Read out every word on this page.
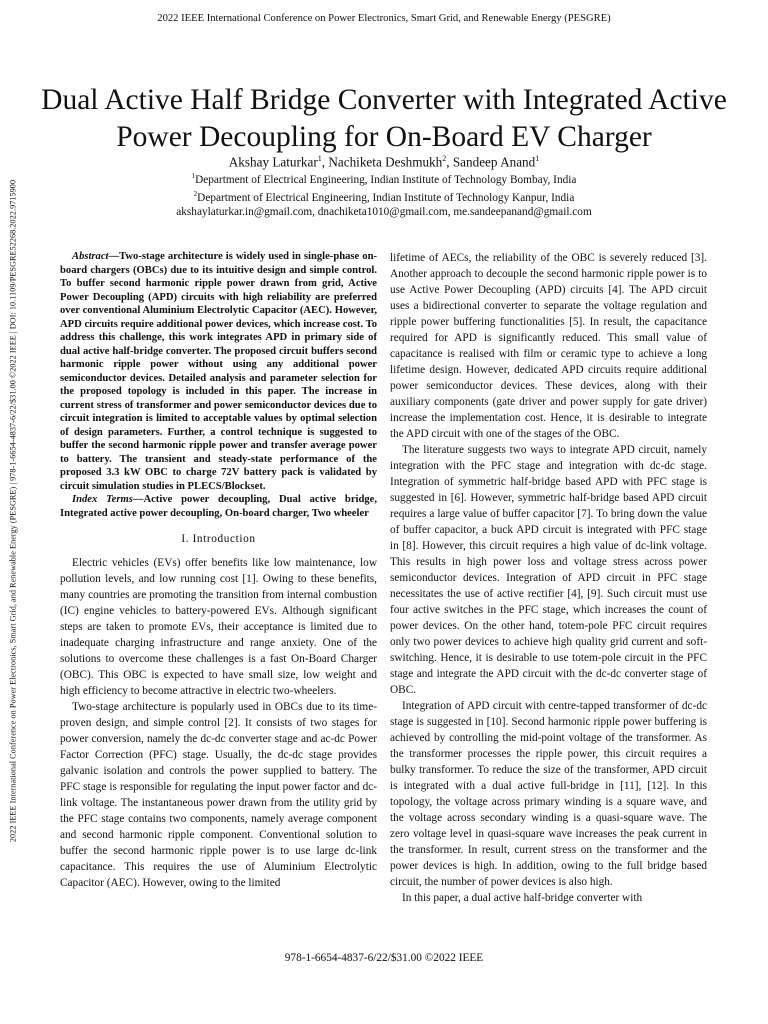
2022 IEEE International Conference on Power Electronics, Smart Grid, and Renewable Energy (PESGRE)
2022 IEEE International Conference on Power Electronics, Smart Grid, and Renewable Energy (PESGRE) | 978-1-6654-4837-6/22/$31.00 ©2022 IEEE | DOI: 10.1109/PESGRE52268.2022.9715900
Dual Active Half Bridge Converter with Integrated Active Power Decoupling for On-Board EV Charger
Akshay Laturkar$^1$, Nachiketa Deshmukh$^2$, Sandeep Anand$^1$
$^1$Department of Electrical Engineering, Indian Institute of Technology Bombay, India
$^2$Department of Electrical Engineering, Indian Institute of Technology Kanpur, India
akshaylaturkar.in@gmail.com, dnachiketa1010@gmail.com, me.sandeepanand@gmail.com

Abstract—Two-stage architecture is widely used in single-phase on-board chargers (OBCs) due to its intuitive design and simple control. To buffer second harmonic ripple power drawn from grid, Active Power Decoupling (APD) circuits with high reliability are preferred over conventional Aluminium Electrolytic Capacitor (AEC). However, APD circuits require additional power devices, which increase cost. To address this challenge, this work integrates APD in primary side of dual active half-bridge converter. The proposed circuit buffers second harmonic ripple power without using any additional power semiconductor devices. Detailed analysis and parameter selection for the proposed topology is included in this paper. The increase in current stress of transformer and power semiconductor devices due to circuit integration is limited to acceptable values by optimal selection of design parameters. Further, a control technique is suggested to buffer the second harmonic ripple power and transfer average power to battery. The transient and steady-state performance of the proposed 3.3 kW OBC to charge 72V battery pack is validated by circuit simulation studies in PLECS/Blockset.

Index Terms—Active power decoupling, Dual active bridge, Integrated active power decoupling, On-board charger, Two wheeler

I. Introduction

Electric vehicles (EVs) offer benefits like low maintenance, low pollution levels, and low running cost [1]. Owing to these benefits, many countries are promoting the transition from internal combustion (IC) engine vehicles to battery-powered EVs. Although significant steps are taken to promote EVs, their acceptance is limited due to inadequate charging infrastructure and range anxiety. One of the solutions to overcome these challenges is a fast On-Board Charger (OBC). This OBC is expected to have small size, low weight and high efficiency to become attractive in electric two-wheelers.

Two-stage architecture is popularly used in OBCs due to its time-proven design, and simple control [2]. It consists of two stages for power conversion, namely the dc-dc converter stage and ac-dc Power Factor Correction (PFC) stage. Usually, the dc-dc stage provides galvanic isolation and controls the power supplied to battery. The PFC stage is responsible for regulating the input power factor and dc-link voltage. The instantaneous power drawn from the utility grid by the PFC stage contains two components, namely average component and second harmonic ripple component. Conventional solution to buffer the second harmonic ripple power is to use large dc-link capacitance. This requires the use of Aluminium Electrolytic Capacitor (AEC). However, owing to the limited

lifetime of AECs, the reliability of the OBC is severely reduced [3]. Another approach to decouple the second harmonic ripple power is to use Active Power Decoupling (APD) circuits [4]. The APD circuit uses a bidirectional converter to separate the voltage regulation and ripple power buffering functionalities [5]. In result, the capacitance required for APD is significantly reduced. This small value of capacitance is realised with film or ceramic type to achieve a long lifetime design. However, dedicated APD circuits require additional power semiconductor devices. These devices, along with their auxiliary components (gate driver and power supply for gate driver) increase the implementation cost. Hence, it is desirable to integrate the APD circuit with one of the stages of the OBC.

The literature suggests two ways to integrate APD circuit, namely integration with the PFC stage and integration with dc-dc stage. Integration of symmetric half-bridge based APD with PFC stage is suggested in [6]. However, symmetric half-bridge based APD circuit requires a large value of buffer capacitor [7]. To bring down the value of buffer capacitor, a buck APD circuit is integrated with PFC stage in [8]. However, this circuit requires a high value of dc-link voltage. This results in high power loss and voltage stress across power semiconductor devices. Integration of APD circuit in PFC stage necessitates the use of active rectifier [4], [9]. Such circuit must use four active switches in the PFC stage, which increases the count of power devices. On the other hand, totem-pole PFC circuit requires only two power devices to achieve high quality grid current and soft-switching. Hence, it is desirable to use totem-pole circuit in the PFC stage and integrate the APD circuit with the dc-dc converter stage of OBC.

Integration of APD circuit with centre-tapped transformer of dc-dc stage is suggested in [10]. Second harmonic ripple power buffering is achieved by controlling the mid-point voltage of the transformer. As the transformer processes the ripple power, this circuit requires a bulky transformer. To reduce the size of the transformer, APD circuit is integrated with a dual active full-bridge in [11], [12]. In this topology, the voltage across primary winding is a square wave, and the voltage across secondary winding is a quasi-square wave. The zero voltage level in quasi-square wave increases the peak current in the transformer. In result, current stress on the transformer and the power devices is high. In addition, owing to the full bridge based circuit, the number of power devices is also high.

In this paper, a dual active half-bridge converter with

978-1-6654-4837-6/22/$31.00 ©2022 IEEE
